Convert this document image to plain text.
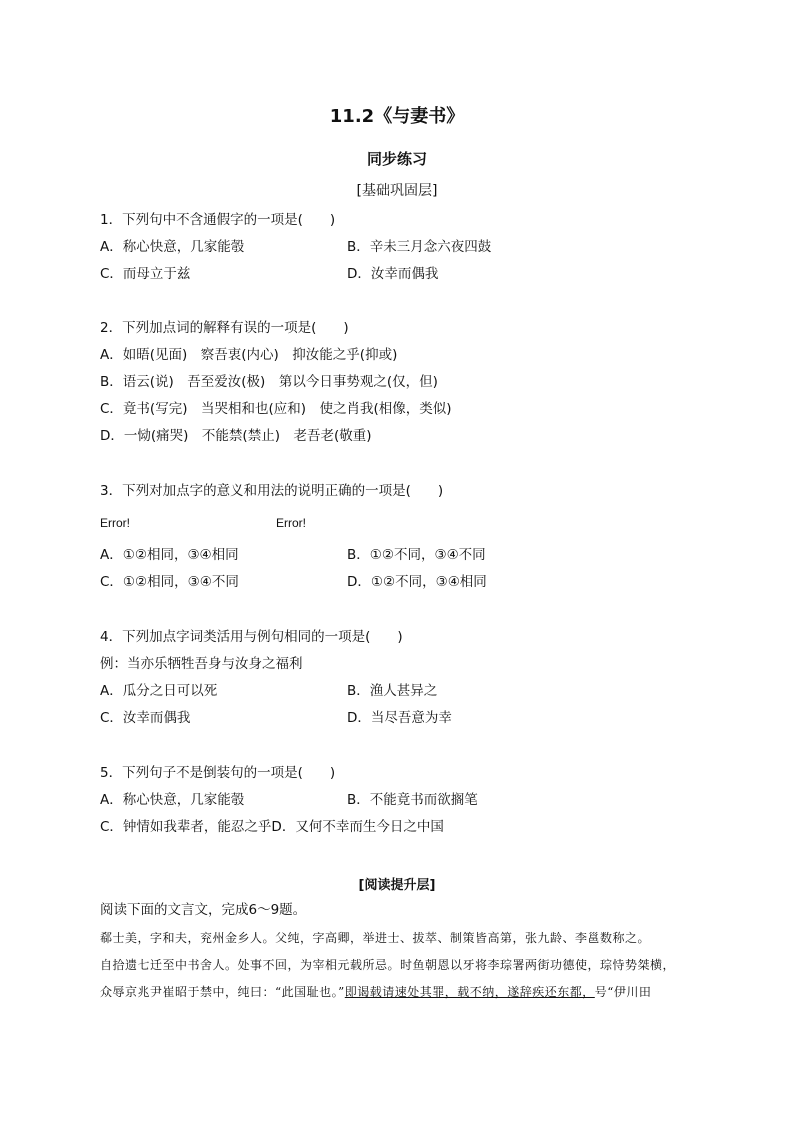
11.2《与妻书》
同步练习
[基础巩固层]
1．下列句中不含通假字的一项是(　　)
A．称心快意，几家能彀	B．辛未三月念六夜四鼓
C．而母立于兹	D．汝幸而偶我
2．下列加点词的解释有误的一项是(　　)
A．如晤(见面)　察吾衷(内心)　抑汝能之乎(抑或)
B．语云(说)　吾至爱汝(极)　第以今日事势观之(仅，但)
C．竟书(写完)　当哭相和也(应和)　使之肖我(相像，类似)
D．一恸(痛哭)　不能禁(禁止)　老吾老(敬重)
3．下列对加点字的意义和用法的说明正确的一项是(　　)
Error!	Error!
A．①②相同，③④相同	B．①②不同，③④不同
C．①②相同，③④不同	D．①②不同，③④相同
4．下列加点字词类活用与例句相同的一项是(　　)
例：当亦乐牺牲吾身与汝身之福利
A．瓜分之日可以死	B．渔人甚异之
C．汝幸而偶我	D．当尽吾意为幸
5．下列句子不是倒装句的一项是(　　)
A．称心快意，几家能彀	B．不能竟书而欲搁笔
C．钟情如我辈者，能忍之乎D．又何不幸而生今日之中国
[阅读提升层]
阅读下面的文言文，完成6～9题。
郗士美，字和夫，兖州金乡人。父纯，字高卿，举进士、拔萃、制策皆高第，张九龄、李邕数称之。
自拾遗七迁至中书舍人。处事不回，为宰相元载所忌。时鱼朝恩以牙将李琮署两街功德使，琮恃势桀横，
众辱京兆尹崔昭于禁中，纯曰：“此国耻也。”即谒载请速处其罪，载不纳，遂辞疾还东都，号“伊川田
